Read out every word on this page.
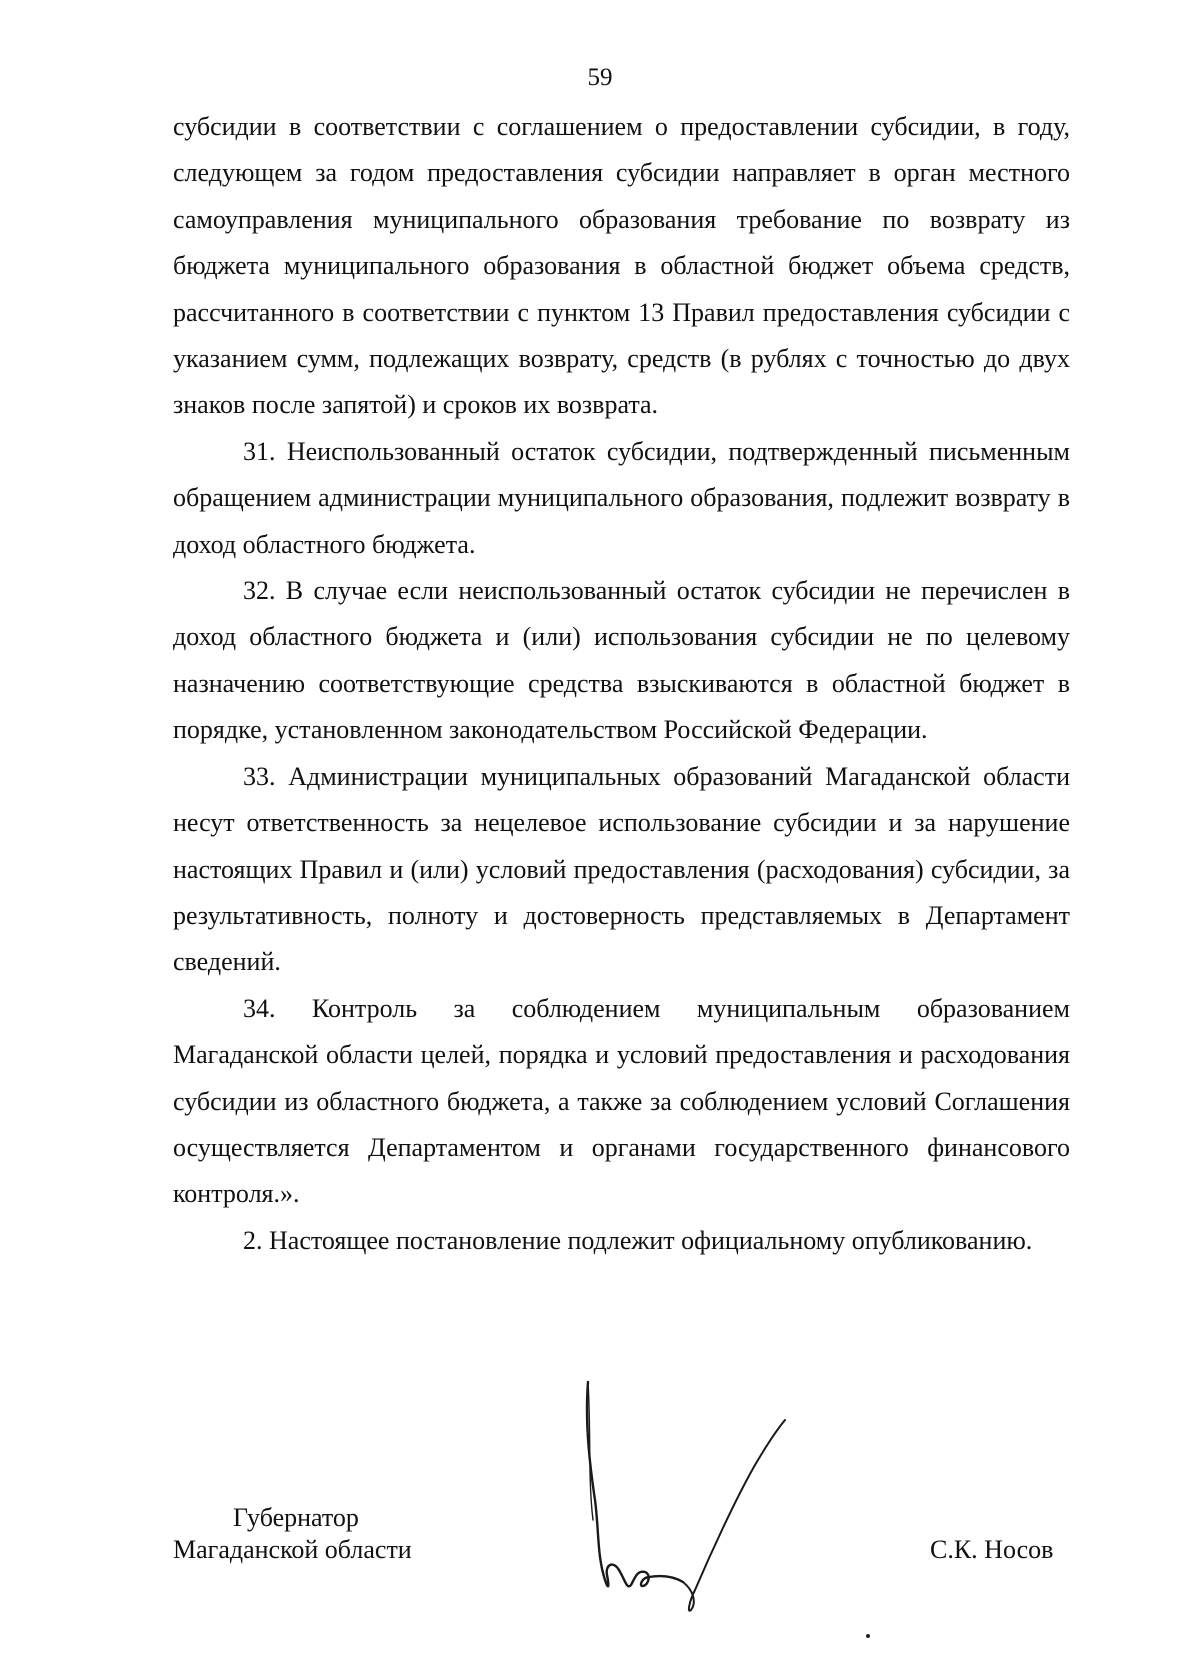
59

субсидии в соответствии с соглашением о предоставлении субсидии, в году, следующем за годом предоставления субсидии направляет в орган местного самоуправления муниципального образования требование по возврату из бюджета муниципального образования в областной бюджет объема средств, рассчитанного в соответствии с пунктом 13 Правил предоставления субсидии с указанием сумм, подлежащих возврату, средств (в рублях с точностью до двух знаков после запятой) и сроков их возврата.

31. Неиспользованный остаток субсидии, подтвержденный письменным обращением администрации муниципального образования, подлежит возврату в доход областного бюджета.

32. В случае если неиспользованный остаток субсидии не перечислен в доход областного бюджета и (или) использования субсидии не по целевому назначению соответствующие средства взыскиваются в областной бюджет в порядке, установленном законодательством Российской Федерации.

33. Администрации муниципальных образований Магаданской области несут ответственность за нецелевое использование субсидии и за нарушение настоящих Правил и (или) условий предоставления (расходования) субсидии, за результативность, полноту и достоверность представляемых в Департамент сведений.

34. Контроль за соблюдением муниципальным образованием Магаданской области целей, порядка и условий предоставления и расходования субсидии из областного бюджета, а также за соблюдением условий Соглашения осуществляется Департаментом и органами государственного финансового контроля.».

2. Настоящее постановление подлежит официальному опубликованию.

Губернатор
Магаданской области	С.К. Носов
